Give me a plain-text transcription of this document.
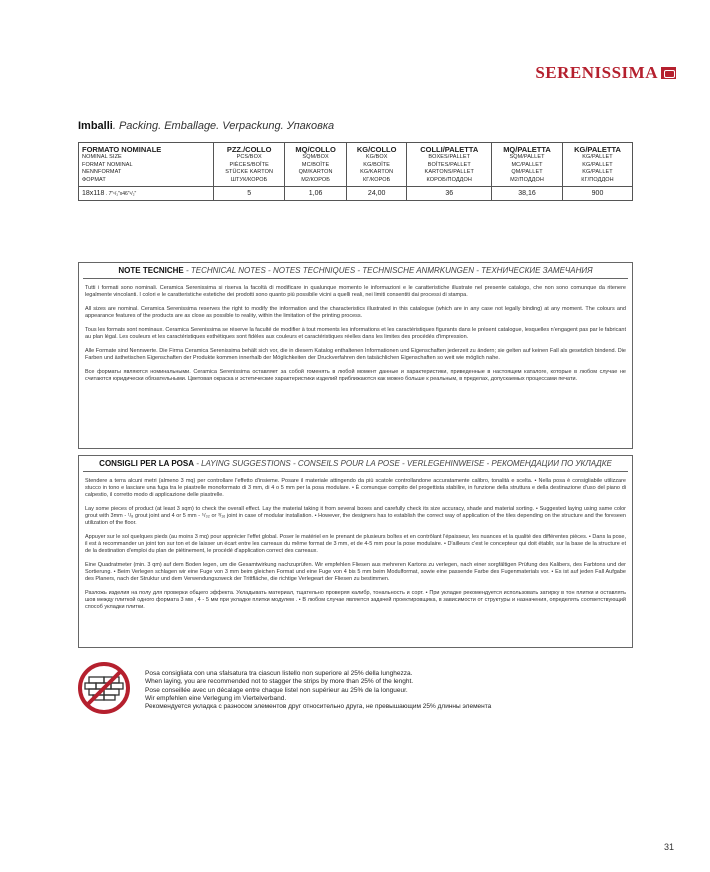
SERENISSIMA
Imballi. Packing. Emballage. Verpackung. Упаковка
FORMATO NOMINALE
NOMINAL SIZE
FORMAT NOMINAL
NENNFORMAT
ФОРМАТ	PZZ./COLLO
PCS/BOX
PIÈCES/BOÎTE
STÜCKE KARTON
ШТУК/КОРОБ	MQ/COLLO
SQM/BOX
MC/BOÎTE
QM/KARTON
M2/КОРОБ	KG/COLLO
KG/BOX
KG/BOÎTE
KG/KARTON
КГ/КОРОБ	COLLI/PALETTA
BOXES/PALLET
BOÎTES/PALLET
KARTONS/PALLET
КОРОБ/ПОДДОН	MQ/PALETTA
SQM/PALLET
MC/PALLET
QM/PALLET
M2/ПОДДОН	KG/PALETTA
KG/PALLET
KG/PALLET
KG/PALLET
КГ/ПОДДОН

18x118 . 7"¹/₁"x46"¹/₂"	5	1,06	24,00	36	38,16	900
NOTE TECNICHE - TECHNICAL NOTES - NOTES TECHNIQUES - TECHNISCHE ANMRKUNGEN - ТЕХНИЧЕСКИЕ ЗАМЕЧАНИЯ

Tutti i formati sono nominali. Ceramica Serenissima si riserva la facoltà di modificare in qualunque momento le informazioni e le caratteristiche illustrate nel presente catalogo, che non sono comunque da ritenere legalmente vincolanti. I colori e le caratteristiche estetiche dei prodotti sono quanto più possibile vicini a quelli reali, nei limiti consentiti dai processi di stampa.

All sizes are nominal. Ceramica Serenissima reserves the right to modify the information and the characteristics illustrated in this catalogue (which are in any case not legally binding) at any moment. The colours and appearance features of the products are as close as possible to reality, within the limitation of the printing process.

Tous les formats sont nominaux. Ceramica Serenissima se réserve la faculté de modifier à tout moments les informations et les caractéristiques figurants dans le présent catalogue, lesquelles n'engagent pas par le fabricant au plan légal. Les couleurs et les caractéristiques esthétiques sont fidèles aux couleurs et caractéristiques réelles dans les limites des procédés d'impression.

Alle Formate sind Nennwerte. Die Firma Ceramica Serenissima behält sich vor, die in diesem Katalog enthaltenen Informationen und Eigenschaften jederzeit zu ändern; sie gelten auf keinen Fall als gesetzlich bindend. Die Farben und ästhetischen Eigenschaften der Produkte kommen innerhalb der Möglichkeiten der Druckverfahren den tatsächlichen Eigenschaften so weit wie möglich nahe.

Все форматы являются номинальными. Ceramica Serenissima оставляет за собой гоменять в любой момент данные и характеристики, приведенные в настоящем каталоге, которые в любом случае не считаются юридически обязательными. Цветовая окраска и эстетические характеристики изделий приближаются как можно больше к реальным, в пределах, допускаемых процессами печати.

CONSIGLI PER LA POSA - LAYING SUGGESTIONS - CONSEILS POUR LA POSE - VERLEGEHINWEISE - РЕКОМЕНДАЦИИ ПО УКЛАДКЕ

Stendere a terra alcuni metri (almeno 3 mq) per controllare l'effetto d'insieme. Posare il materiale attingendo da più scatole controllandone accuratamente calibro, tonalità e scelta. • Nella posa è consigliabile utilizzare stucco in tono e lasciare una fuga tra le piastrelle monoformato di 3 mm, di 4 o 5 mm per la posa modulare. • È comunque compito del progettista stabilire, in funzione della struttura e della destinazione d'uso del piano di calpestio, il corretto modo di applicazione delle piastrelle.

Lay some pieces of product (at least 3 sqm) to check the overall effect. Lay the material taking it from several boxes and carefully check its size accuracy, shade and material sorting. • Suggested laying using same color grout with 3mm - ¹/₈ grout joint and 4 or 5 mm - ⁵/₃₂ or ³/₁₆ joint in case of modular installation. • However, the designers has to establish the correct way of application of the tiles depending on the structure and the foreseen utilization of the floor.

Appuyer sur le sol quelques pieds (au moins 3 mq) pour apprécier l'effet global. Poser le matériel en le prenant de plusieurs boîtes et en contrôlant l'épaisseur, les nuances et la qualité des différentes pièces. • Dans la pose, il est à recommander un joint ton sur ton et de laisser un écart entre les carreaux du même format de 3 mm, et de 4-5 mm pour la pose modulaire. • D'ailleurs c'est le concepteur qui doit établir, sur la base de la structure et de la destination d'emploi du plan de piétinement, le procédé d'application correct des carreaux.

Eine Quadratmeter (min. 3 qm) auf dem Boden legen, um die Gesamtwirkung nachzuprüfen. Wir empfehlen Fliesen aus mehreren Kartons zu verlegen, nach einer sorgfältigen Prüfung des Kalibers, des Farbtons und der Sortierung. • Beim Verlegen schlagen wir eine Fuge von 3 mm beim gleichen Format und eine Fuge von 4 bis 5 mm beim Modulformat, sowie eine passende Farbe des Fugenmaterials vor. • Es ist auf jeden Fall Aufgabe des Planers, nach der Struktur und dem Verwendungszweck der Trittfläche, die richtige Verlegeart der Fliesen zu bestimmen.

Разложь изделия на полу для проверки общего эффекта. Укладывать материал, тщательно проверяя калибр, тональность и сорт. • При укладке рекомендуется использовать затирку в тон плитки и оставлять шов между плиткой одного формата 3 мм , 4 - 5 мм при укладке плитки модулем . • В любом случае является задачей проектировщика, в зависимости от структуры и назначения, определять соответствующий способ укладки плитки.

Posa consigliata con una sfalsatura tra ciascun listello non superiore al 25% della lunghezza.
When laying, you are recommended not to stagger the strips by more than 25% of the lenght.
Pose conseillée avec un décalage entre chaque listel non supérieur au 25% de la longueur.
Wir empfehlen eine Verlegung im Viertelverband.
Рекомендуется укладка с разносом элементов друг относительно друга, не превышающим 25% длинны элемента
31
